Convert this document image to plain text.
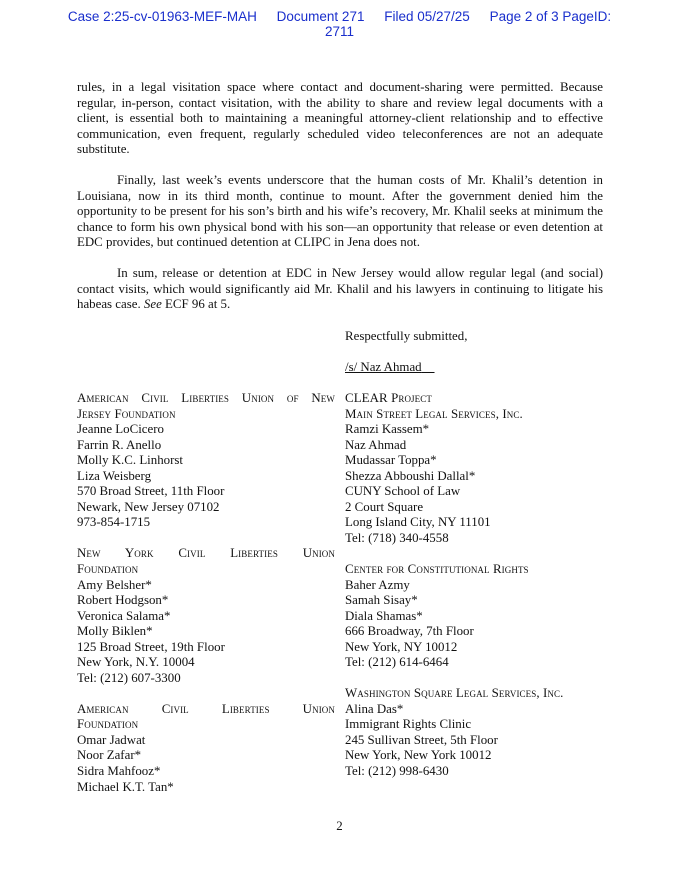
Case 2:25-cv-01963-MEF-MAH Document 271 Filed 05/27/25 Page 2 of 3 PageID:
2711

rules, in a legal visitation space where contact and document-sharing were permitted. Because regular, in-person, contact visitation, with the ability to share and review legal documents with a client, is essential both to maintaining a meaningful attorney-client relationship and to effective communication, even frequent, regularly scheduled video teleconferences are not an adequate substitute.

Finally, last week’s events underscore that the human costs of Mr. Khalil’s detention in Louisiana, now in its third month, continue to mount. After the government denied him the opportunity to be present for his son’s birth and his wife’s recovery, Mr. Khalil seeks at minimum the chance to form his own physical bond with his son—an opportunity that release or even detention at EDC provides, but continued detention at CLIPC in Jena does not.

In sum, release or detention at EDC in New Jersey would allow regular legal (and social) contact visits, which would significantly aid Mr. Khalil and his lawyers in continuing to litigate his habeas case. See ECF 96 at 5.

Respectfully submitted,
/s/ Naz Ahmad
American Civil Liberties Union of New
Jersey Foundation
Jeanne LoCicero
Farrin R. Anello
Molly K.C. Linhorst
Liza Weisberg
570 Broad Street, 11th Floor
Newark, New Jersey 07102
973-854-1715
New York Civil Liberties Union
Foundation
Amy Belsher*
Robert Hodgson*
Veronica Salama*
Molly Biklen*
125 Broad Street, 19th Floor
New York, N.Y. 10004
Tel: (212) 607-3300
American Civil Liberties Union
Foundation
Omar Jadwat
Noor Zafar*
Sidra Mahfooz*
Michael K.T. Tan*
CLEAR Project
Main Street Legal Services, Inc.
Ramzi Kassem*
Naz Ahmad
Mudassar Toppa*
Shezza Abboushi Dallal*
CUNY School of Law
2 Court Square
Long Island City, NY 11101
Tel: (718) 340-4558
Center for Constitutional Rights
Baher Azmy
Samah Sisay*
Diala Shamas*
666 Broadway, 7th Floor
New York, NY 10012
Tel: (212) 614-6464
Washington Square Legal Services, Inc.
Alina Das*
Immigrant Rights Clinic
245 Sullivan Street, 5th Floor
New York, New York 10012
Tel: (212) 998-6430
2
